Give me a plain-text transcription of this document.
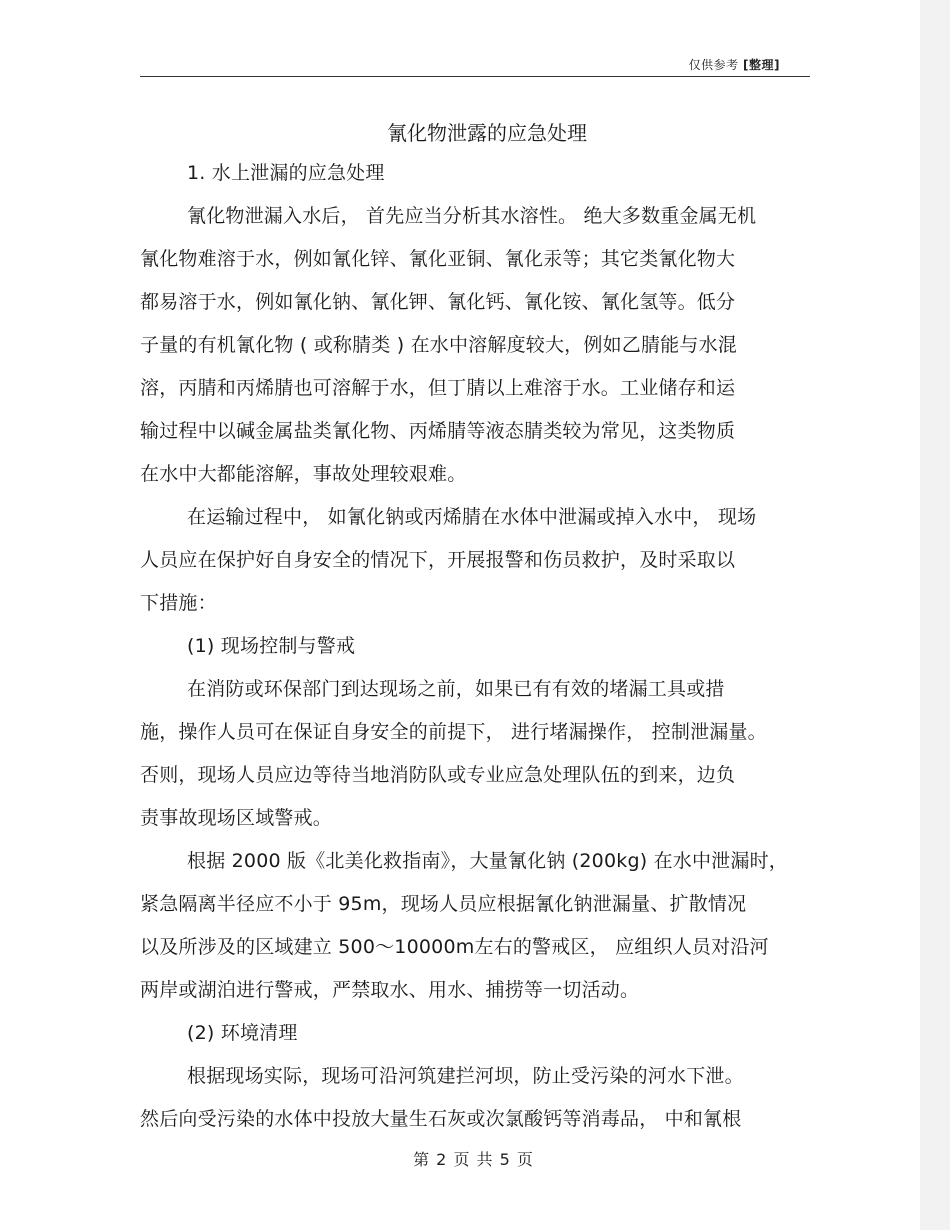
仅供参考 [整理]
氰化物泄露的应急处理
1. 水上泄漏的应急处理
氰化物泄漏入水后， 首先应当分析其水溶性。 绝大多数重金属无机
氰化物难溶于水，例如氰化锌、氰化亚铜、氰化汞等；其它类氰化物大
都易溶于水，例如氰化钠、氰化钾、氰化钙、氰化铵、氰化氢等。低分
子量的有机氰化物 ( 或称腈类 ) 在水中溶解度较大，例如乙腈能与水混
溶，丙腈和丙烯腈也可溶解于水，但丁腈以上难溶于水。工业储存和运
输过程中以碱金属盐类氰化物、丙烯腈等液态腈类较为常见，这类物质
在水中大都能溶解，事故处理较艰难。
在运输过程中， 如氰化钠或丙烯腈在水体中泄漏或掉入水中， 现场
人员应在保护好自身安全的情况下，开展报警和伤员救护，及时采取以
下措施：
(1) 现场控制与警戒
在消防或环保部门到达现场之前，如果已有有效的堵漏工具或措
施，操作人员可在保证自身安全的前提下， 进行堵漏操作， 控制泄漏量。
否则，现场人员应边等待当地消防队或专业应急处理队伍的到来，边负
责事故现场区域警戒。
根据 2000 版《北美化救指南》，大量氰化钠 (200kg) 在水中泄漏时，
紧急隔离半径应不小于 95m，现场人员应根据氰化钠泄漏量、扩散情况
以及所涉及的区域建立 500～10000m左右的警戒区， 应组织人员对沿河
两岸或湖泊进行警戒，严禁取水、用水、捕捞等一切活动。
(2) 环境清理
根据现场实际，现场可沿河筑建拦河坝，防止受污染的河水下泄。
然后向受污染的水体中投放大量生石灰或次氯酸钙等消毒品， 中和氰根
第 2 页 共 5 页
